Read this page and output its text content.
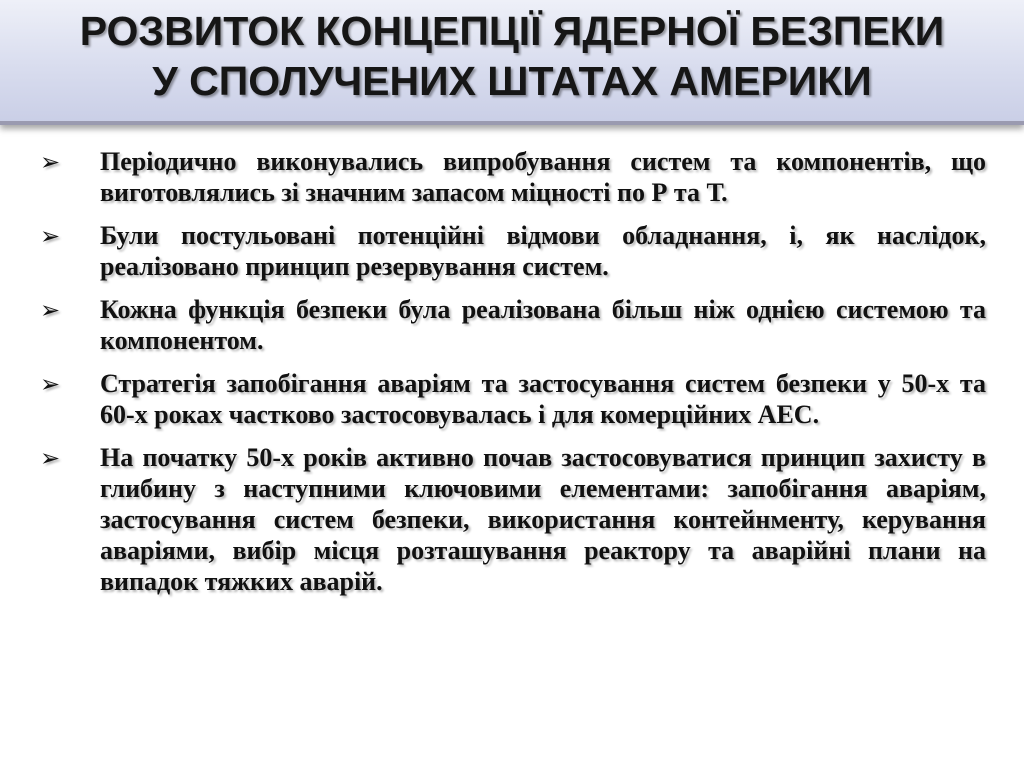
РОЗВИТОК КОНЦЕПЦІЇ ЯДЕРНОЇ БЕЗПЕКИ
У СПОЛУЧЕНИХ ШТАТАХ АМЕРИКИ
➢ Періодично виконувались випробування систем та компонентів, що виготовлялись зі значним запасом міцності по Р та Т.
➢ Були постульовані потенційні відмови обладнання, і, як наслідок, реалізовано принцип резервування систем.
➢ Кожна функція безпеки була реалізована більш ніж однією системою та компонентом.
➢ Стратегія запобігання аваріям та застосування систем безпеки у 50-х та 60-х роках частково застосовувалась і для комерційних АЕС.
➢ На початку 50-х років активно почав застосовуватися принцип захисту в глибину з наступними ключовими елементами: запобігання аваріям, застосування систем безпеки, використання контейнменту, керування аваріями, вибір місця розташування реактору та аварійні плани на випадок тяжких аварій.
